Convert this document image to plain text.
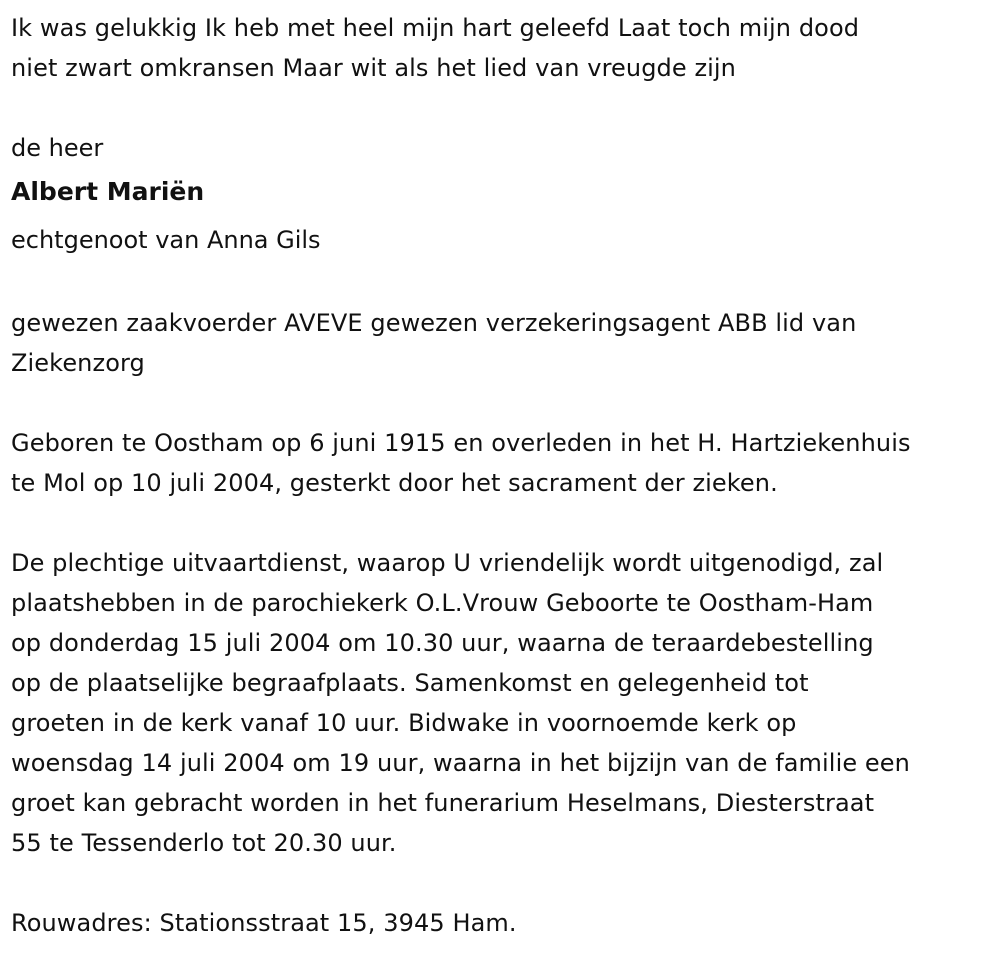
Ik was gelukkig Ik heb met heel mijn hart geleefd Laat toch mijn dood

niet zwart omkransen Maar wit als het lied van vreugde zijn

de heer

Albert Mariën

echtgenoot van Anna Gils

gewezen zaakvoerder AVEVE gewezen verzekeringsagent ABB lid van

Ziekenzorg

Geboren te Oostham op 6 juni 1915 en overleden in het H. Hartziekenhuis

te Mol op 10 juli 2004, gesterkt door het sacrament der zieken.

De plechtige uitvaartdienst, waarop U vriendelijk wordt uitgenodigd, zal

plaatshebben in de parochiekerk O.L.Vrouw Geboorte te Oostham-Ham

op donderdag 15 juli 2004 om 10.30 uur, waarna de teraardebestelling

op de plaatselijke begraafplaats. Samenkomst en gelegenheid tot

groeten in de kerk vanaf 10 uur. Bidwake in voornoemde kerk op

woensdag 14 juli 2004 om 19 uur, waarna in het bijzijn van de familie een

groet kan gebracht worden in het funerarium Heselmans, Diesterstraat

55 te Tessenderlo tot 20.30 uur.

Rouwadres: Stationsstraat 15, 3945 Ham.
